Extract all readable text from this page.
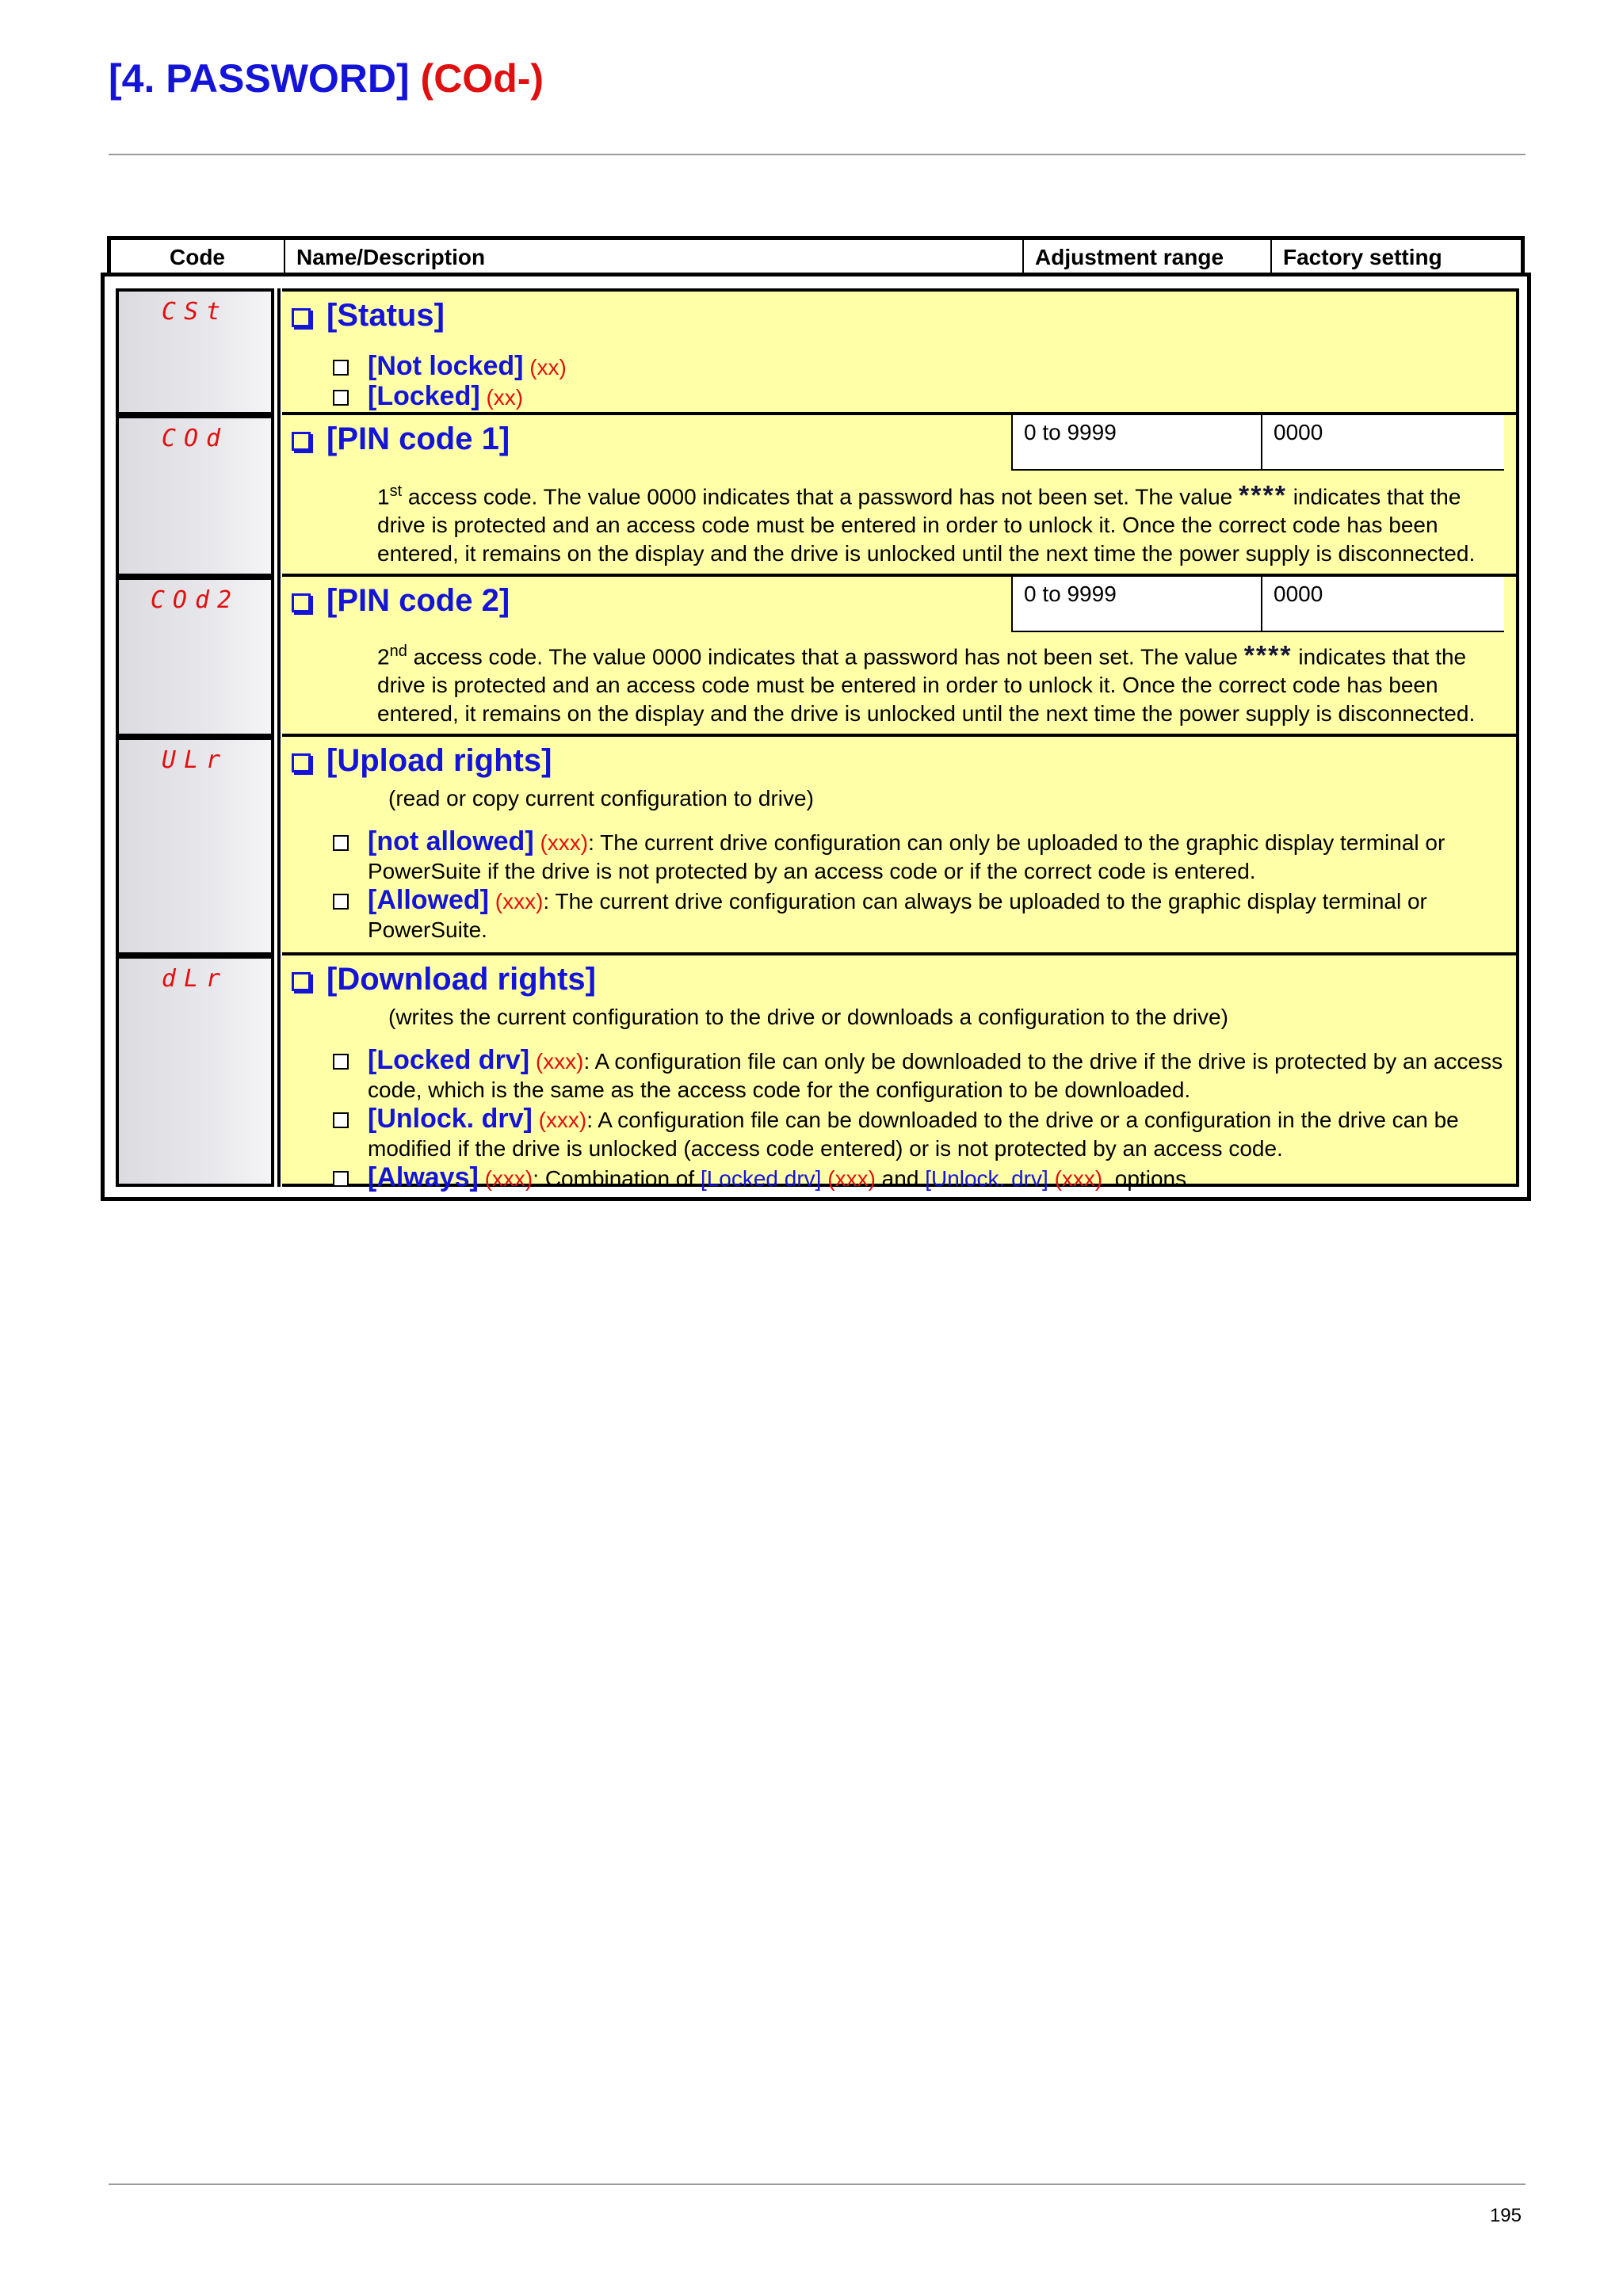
[4. PASSWORD] (COd-)
Code	Name/Description	Adjustment range	Factory setting
CSt	[Status]
[Not locked] (xx)
[Locked] (xx)
COd	[PIN code 1]	0 to 9999	0000
1st access code. The value 0000 indicates that a password has not been set. The value **** indicates that the drive is protected and an access code must be entered in order to unlock it. Once the correct code has been entered, it remains on the display and the drive is unlocked until the next time the power supply is disconnected.
COd2	[PIN code 2]	0 to 9999	0000
2nd access code. The value 0000 indicates that a password has not been set. The value **** indicates that the drive is protected and an access code must be entered in order to unlock it. Once the correct code has been entered, it remains on the display and the drive is unlocked until the next time the power supply is disconnected.
ULr	[Upload rights]
(read or copy current configuration to drive)
[not allowed] (xxx): The current drive configuration can only be uploaded to the graphic display terminal or PowerSuite if the drive is not protected by an access code or if the correct code is entered.
[Allowed] (xxx): The current drive configuration can always be uploaded to the graphic display terminal or PowerSuite.
dLr	[Download rights]
(writes the current configuration to the drive or downloads a configuration to the drive)
[Locked drv] (xxx): A configuration file can only be downloaded to the drive if the drive is protected by an access code, which is the same as the access code for the configuration to be downloaded.
[Unlock. drv] (xxx): A configuration file can be downloaded to the drive or a configuration in the drive can be modified if the drive is unlocked (access code entered) or is not protected by an access code.
[Always] (xxx): Combination of [Locked drv] (xxx) and [Unlock. drv] (xxx). options
195
